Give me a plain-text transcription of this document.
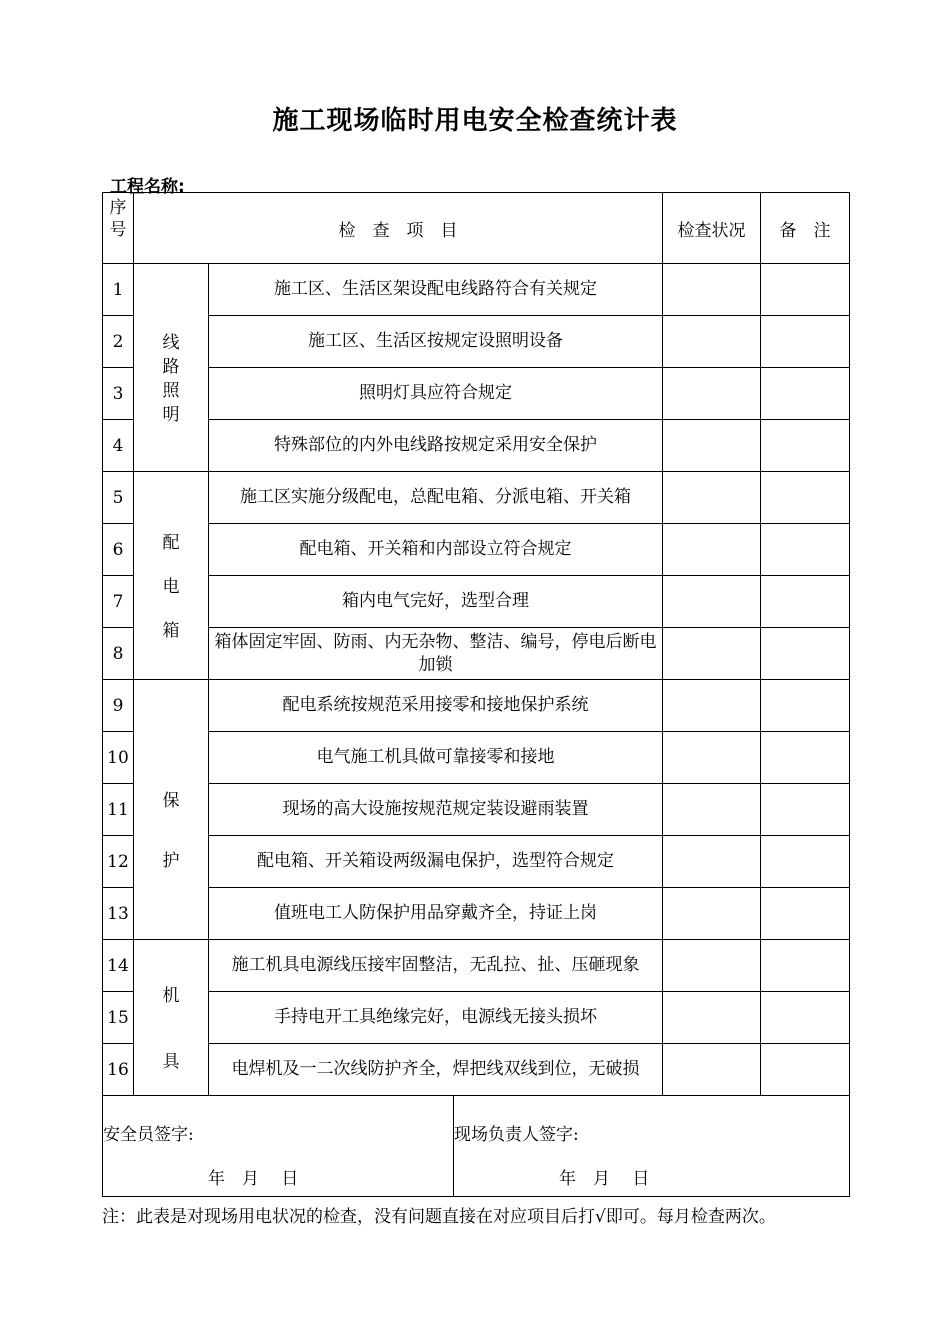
施工现场临时用电安全检查统计表
工程名称:
序
号	检　查　项　目		检查状况	备　注
1	线
路
照
明	施工区、生活区架设配电线路符合有关规定		
2		施工区、生活区按规定设照明设备		
3		照明灯具应符合规定		
4		特殊部位的内外电线路按规定采用安全保护		
5	配
电
箱	施工区实施分级配电，总配电箱、分派电箱、开关箱		
6		配电箱、开关箱和内部设立符合规定		
7		箱内电气完好，选型合理		
8		箱体固定牢固、防雨、内无杂物、整洁、编号，停电后断电加锁		
9	保
护	配电系统按规范采用接零和接地保护系统		
10		电气施工机具做可靠接零和接地		
11		现场的高大设施按规范规定装设避雨装置		
12		配电箱、开关箱设两级漏电保护，选型符合规定		
13		值班电工人防保护用品穿戴齐全，持证上岗		
14	机
具	施工机具电源线压接牢固整洁，无乱拉、扯、压砸现象		
15		手持电开工具绝缘完好，电源线无接头损坏		
16		电焊机及一二次线防护齐全，焊把线双线到位，无破损		

安全员签字:
年　月　 日
现场负责人签字:
年　月　 日				
注：此表是对现场用电状况的检查，没有问题直接在对应项目后打√即可。每月检查两次。
